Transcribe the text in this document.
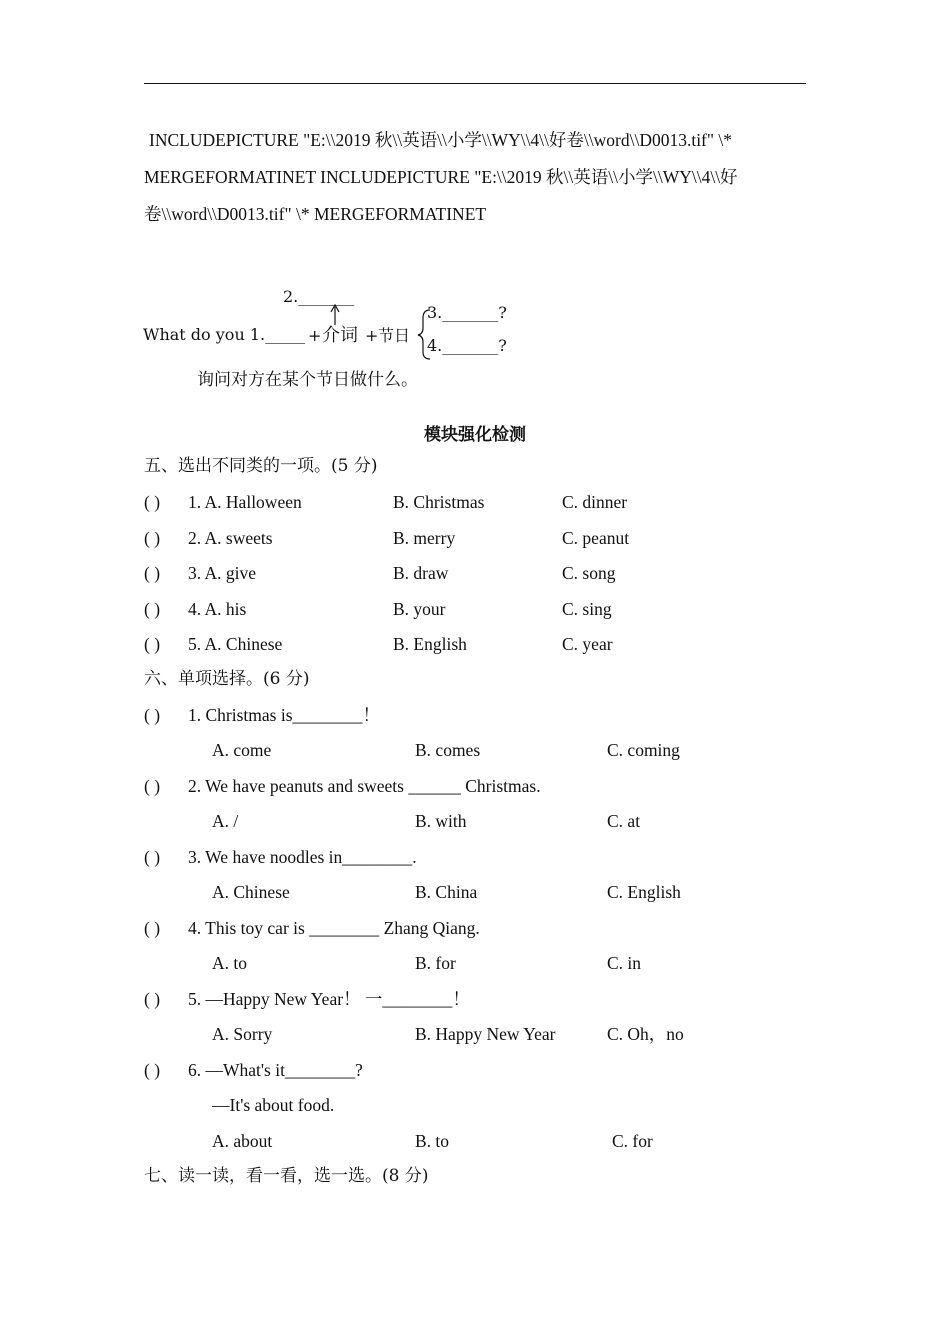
INCLUDEPICTURE "E:\\2019 秋\\英语\\小学\\WY\\4\\好卷\\word\\D0013.tif" \*

MERGEFORMATINET INCLUDEPICTURE "E:\\2019 秋\\英语\\小学\\WY\\4\\好

卷\\word\\D0013.tif" \* MERGEFORMATINET

What do you 1._____ + 介词 + 节日
2._______
3._______?
4._______?
询问对方在某个节日做什么。
模块强化检测
五、选出不同类的一项。(5 分)
( ) 1. A. Halloween	B. Christmas	C. dinner
( ) 2. A. sweets	B. merry	C. peanut
( ) 3. A. give	B. draw	C. song
( ) 4. A. his	B. your	C. sing
( ) 5. A. Chinese	B. English	C. year
六、单项选择。(6 分)
( ) 1. Christmas is________！
A. come	B. comes	C. coming
( ) 2. We have peanuts and sweets ______ Christmas.
A. /	B. with	C. at
( ) 3. We have noodles in________.
A. Chinese	B. China	C. English
( ) 4. This toy car is ________ Zhang Qiang.
A. to	B. for	C. in
( ) 5. —Happy New Year！ 一________！
A. Sorry	B. Happy New Year	C. Oh，no
( ) 6. —What's it________?
—It's about food.
A. about	B. to	C. for
七、读一读，看一看，选一选。(8 分)
